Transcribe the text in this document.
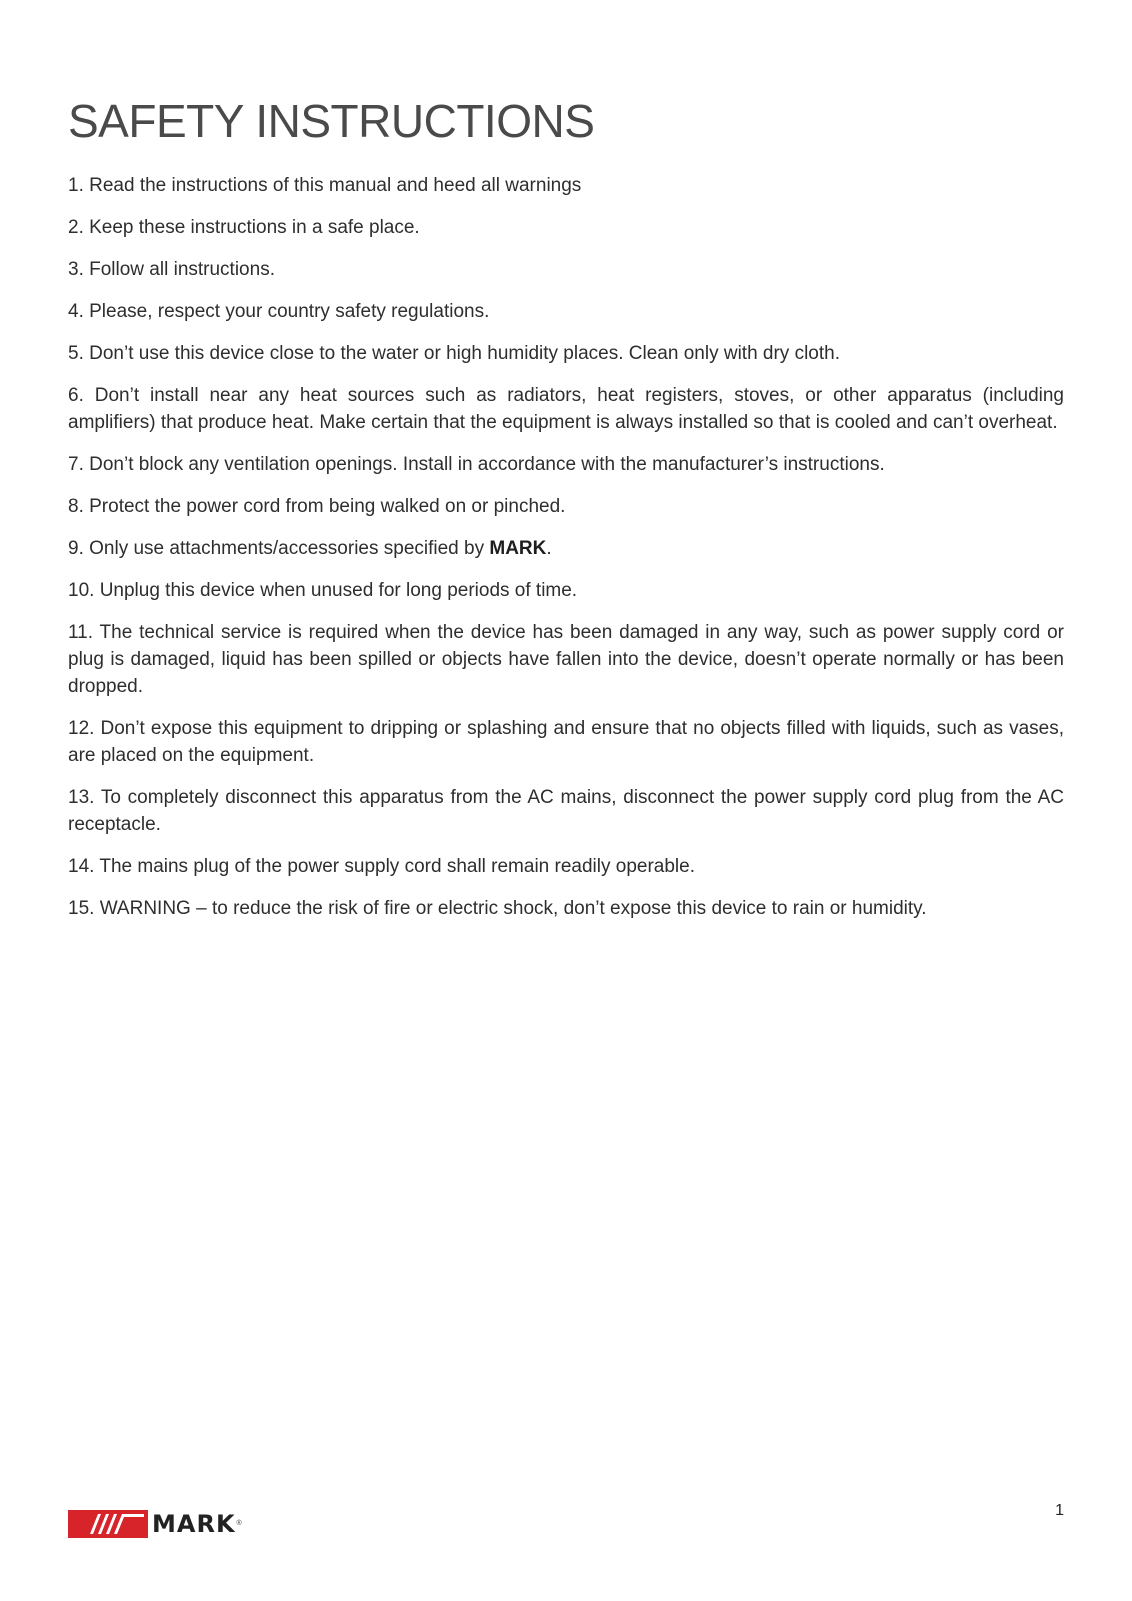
SAFETY INSTRUCTIONS
1. Read the instructions of this manual and heed all warnings
2. Keep these instructions in a safe place.
3. Follow all instructions.
4. Please, respect your country safety regulations.
5. Don’t use this device close to the water or high humidity places. Clean only with dry cloth.
6. Don’t install near any heat sources such as radiators, heat registers, stoves, or other apparatus (including amplifiers) that produce heat. Make certain that the equipment is always installed so that is cooled and can’t overheat.
7. Don’t block any ventilation openings. Install in accordance with the manufacturer’s instructions.
8. Protect the power cord from being walked on or pinched.
9. Only use attachments/accessories specified by MARK.
10. Unplug this device when unused for long periods of time.
11. The technical service is required when the device has been damaged in any way, such as power supply cord or plug is damaged, liquid has been spilled or objects have fallen into the device, doesn’t operate normally or has been dropped.
12. Don’t expose this equipment to dripping or splashing and ensure that no objects filled with liquids, such as vases, are placed on the equipment.
13. To completely disconnect this apparatus from the AC mains, disconnect the power supply cord plug from the AC receptacle.
14. The mains plug of the power supply cord shall remain readily operable.
15. WARNING – to reduce the risk of fire or electric shock, don’t expose this device to rain or humidity.
MARK ®
1
